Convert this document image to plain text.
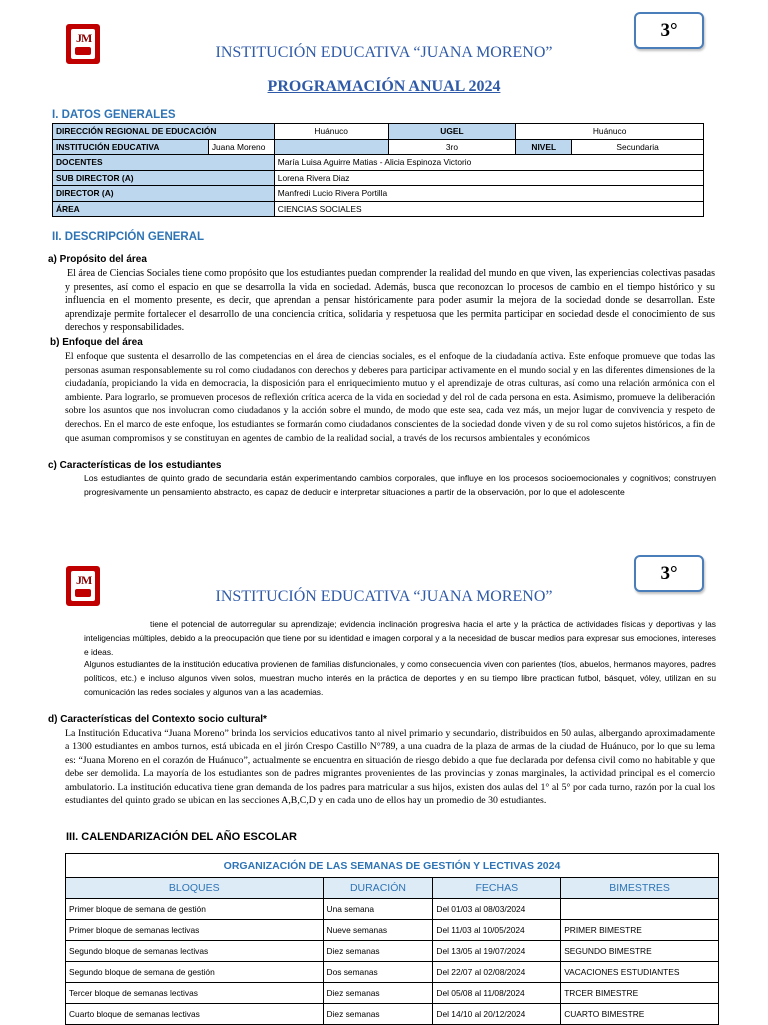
JM	3°
INSTITUCIÓN EDUCATIVA “JUANA MORENO”
PROGRAMACIÓN ANUAL 2024
I. DATOS GENERALES
DIRECCIÓN REGIONAL DE EDUCACIÓN		Huánuco	UGEL	Huánuco	
INSTITUCIÓN EDUCATIVA	Juana Moreno		3ro	NIVEL	Secundaria
DOCENTES		María Luisa Aguirre Matias - Alicia Espinoza Victorio			
SUB DIRECTOR (A)		Lorena Rivera Diaz			
DIRECTOR (A)		Manfredi Lucio Rivera Portilla			
ÁREA		CIENCIAS SOCIALES			
II. DESCRIPCIÓN GENERAL
a) Propósito del área
El área de Ciencias Sociales tiene como propósito que los estudiantes puedan comprender la realidad del mundo en que viven, las experiencias colectivas pasadas y presentes, así como el espacio en que se desarrolla la vida en sociedad. Además, busca que reconozcan lo procesos de cambio en el tiempo histórico y su influencia en el momento presente, es decir, que aprendan a pensar históricamente para poder asumir la mejora de la sociedad donde se desarrollan. Este aprendizaje permite fortalecer el desarrollo de una conciencia crítica, solidaria y respetuosa que les permita participar en sociedad desde el conocimiento de sus derechos y responsabilidades.
b) Enfoque del área
El enfoque que sustenta el desarrollo de las competencias en el área de ciencias sociales, es el enfoque de la ciudadanía activa. Este enfoque promueve que todas las personas asuman responsablemente su rol como ciudadanos con derechos y deberes para participar activamente en el mundo social y en las diferentes dimensiones de la ciudadanía, propiciando la vida en democracia, la disposición para el enriquecimiento mutuo y el aprendizaje de otras culturas, así como una relación armónica con el ambiente. Para lograrlo, se promueven procesos de reflexión crítica acerca de la vida en sociedad y del rol de cada persona en esta. Asimismo, promueve la deliberación sobre los asuntos que nos involucran como ciudadanos y la acción sobre el mundo, de modo que este sea, cada vez más, un mejor lugar de convivencia y respeto de derechos. En el marco de este enfoque, los estudiantes se formarán como ciudadanos conscientes de la sociedad donde viven y de su rol como sujetos históricos, a fin de que asuman compromisos y se constituyan en agentes de cambio de la realidad social, a través de los recursos ambientales y económicos
c) Características de los estudiantes
Los estudiantes de quinto grado de secundaria están experimentando cambios corporales, que influye en los procesos socioemocionales y cognitivos; construyen progresivamente un pensamiento abstracto, es capaz de deducir e interpretar situaciones a partir de la observación, por lo que el adolescente
JM	3°
INSTITUCIÓN EDUCATIVA “JUANA MORENO”
tiene el potencial de autorregular su aprendizaje; evidencia inclinación progresiva hacia el arte y la práctica de actividades físicas y deportivas y las inteligencias múltiples, debido a la preocupación que tiene por su identidad e imagen corporal y a la necesidad de buscar medios para expresar sus emociones, intereses e ideas.
Algunos estudiantes de la institución educativa provienen de familias disfuncionales, y como consecuencia viven con parientes (tíos, abuelos, hermanos mayores, padres políticos, etc.) e incluso algunos viven solos, muestran mucho interés en la práctica de deportes y en su tiempo libre practican futbol, básquet, vóley, utilizan en su comunicación las redes sociales y algunos van a las academias.
d) Características del Contexto socio cultural*
La Institución Educativa “Juana Moreno” brinda los servicios educativos tanto al nivel primario y secundario, distribuidos en 50 aulas, albergando aproximadamente a 1300 estudiantes en ambos turnos, está ubicada en el jirón Crespo Castillo N°789, a una cuadra de la plaza de armas de la ciudad de Huánuco, por lo que su lema es: “Juana Moreno en el corazón de Huánuco”, actualmente se encuentra en situación de riesgo debido a que fue declarada por defensa civil como no habitable y que debe ser demolida. La mayoría de los estudiantes son de padres migrantes provenientes de las provincias y zonas marginales, la actividad principal es el comercio ambulatorio. La institución educativa tiene gran demanda de los padres para matricular a sus hijos, existen dos aulas del 1° al 5° por cada turno, razón por la cual los estudiantes del quinto grado se ubican en las secciones A,B,C,D y en cada uno de ellos hay un promedio de 30 estudiantes.
III. CALENDARIZACIÓN DEL AÑO ESCOLAR
ORGANIZACIÓN DE LAS SEMANAS DE GESTIÓN Y LECTIVAS 2024			
BLOQUES	DURACIÓN	FECHAS	BIMESTRES
Primer bloque de semana de gestión	Una semana	Del 01/03 al 08/03/2024	
Primer bloque de semanas lectivas	Nueve semanas	Del 11/03 al 10/05/2024	PRIMER BIMESTRE
Segundo bloque de semanas lectivas	Diez semanas	Del 13/05 al 19/07/2024	SEGUNDO BIMESTRE
Segundo bloque de semana de gestión	Dos semanas	Del 22/07 al 02/08/2024	VACACIONES ESTUDIANTES
Tercer bloque de semanas lectivas	Diez semanas	Del 05/08 al 11/08/2024	TRCER BIMESTRE
Cuarto bloque de semanas lectivas	Diez semanas	Del 14/10 al 20/12/2024	CUARTO BIMESTRE
